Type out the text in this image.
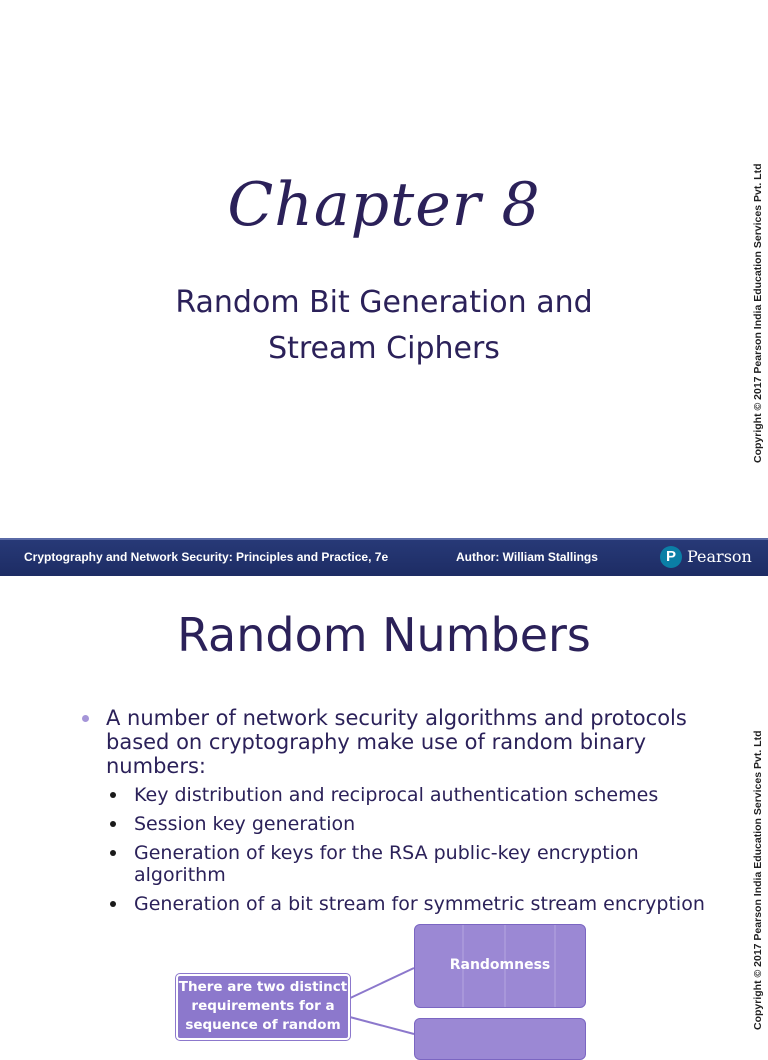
Chapter 8
Random Bit Generation and
Stream Ciphers
Cryptography and Network Security: Principles and Practice, 7e	Author: William Stallings	P Pearson
Copyright © 2017 Pearson India Education Services Pvt. Ltd
Random Numbers
A number of network security algorithms and protocols based on cryptography make use of random binary numbers:
Key distribution and reciprocal authentication schemes
Session key generation
Generation of keys for the RSA public-key encryption algorithm
Generation of a bit stream for symmetric stream encryption
Randomness
There are two distinct requirements for a sequence of random	Copyright © 2017 Pearson India Education Services Pvt. Ltd
